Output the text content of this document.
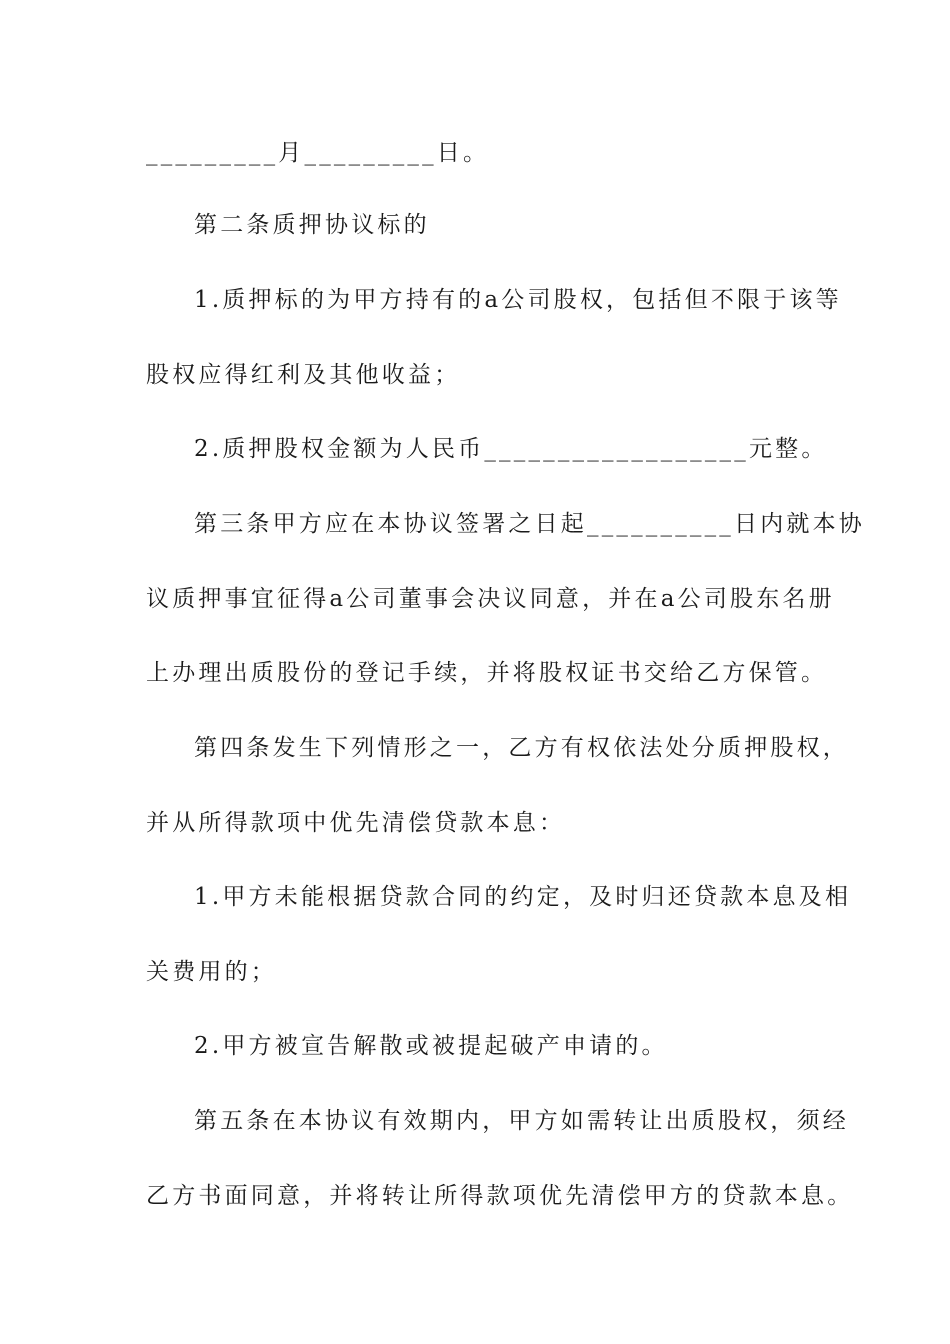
_________月_________日。
第二条质押协议标的
1.质押标的为甲方持有的a公司股权，包括但不限于该等
股权应得红利及其他收益；
2.质押股权金额为人民币__________________元整。
第三条甲方应在本协议签署之日起__________日内就本协
议质押事宜征得a公司董事会决议同意，并在a公司股东名册
上办理出质股份的登记手续，并将股权证书交给乙方保管。
第四条发生下列情形之一，乙方有权依法处分质押股权，
并从所得款项中优先清偿贷款本息：
1.甲方未能根据贷款合同的约定，及时归还贷款本息及相
关费用的；
2.甲方被宣告解散或被提起破产申请的。
第五条在本协议有效期内，甲方如需转让出质股权，须经
乙方书面同意，并将转让所得款项优先清偿甲方的贷款本息。
